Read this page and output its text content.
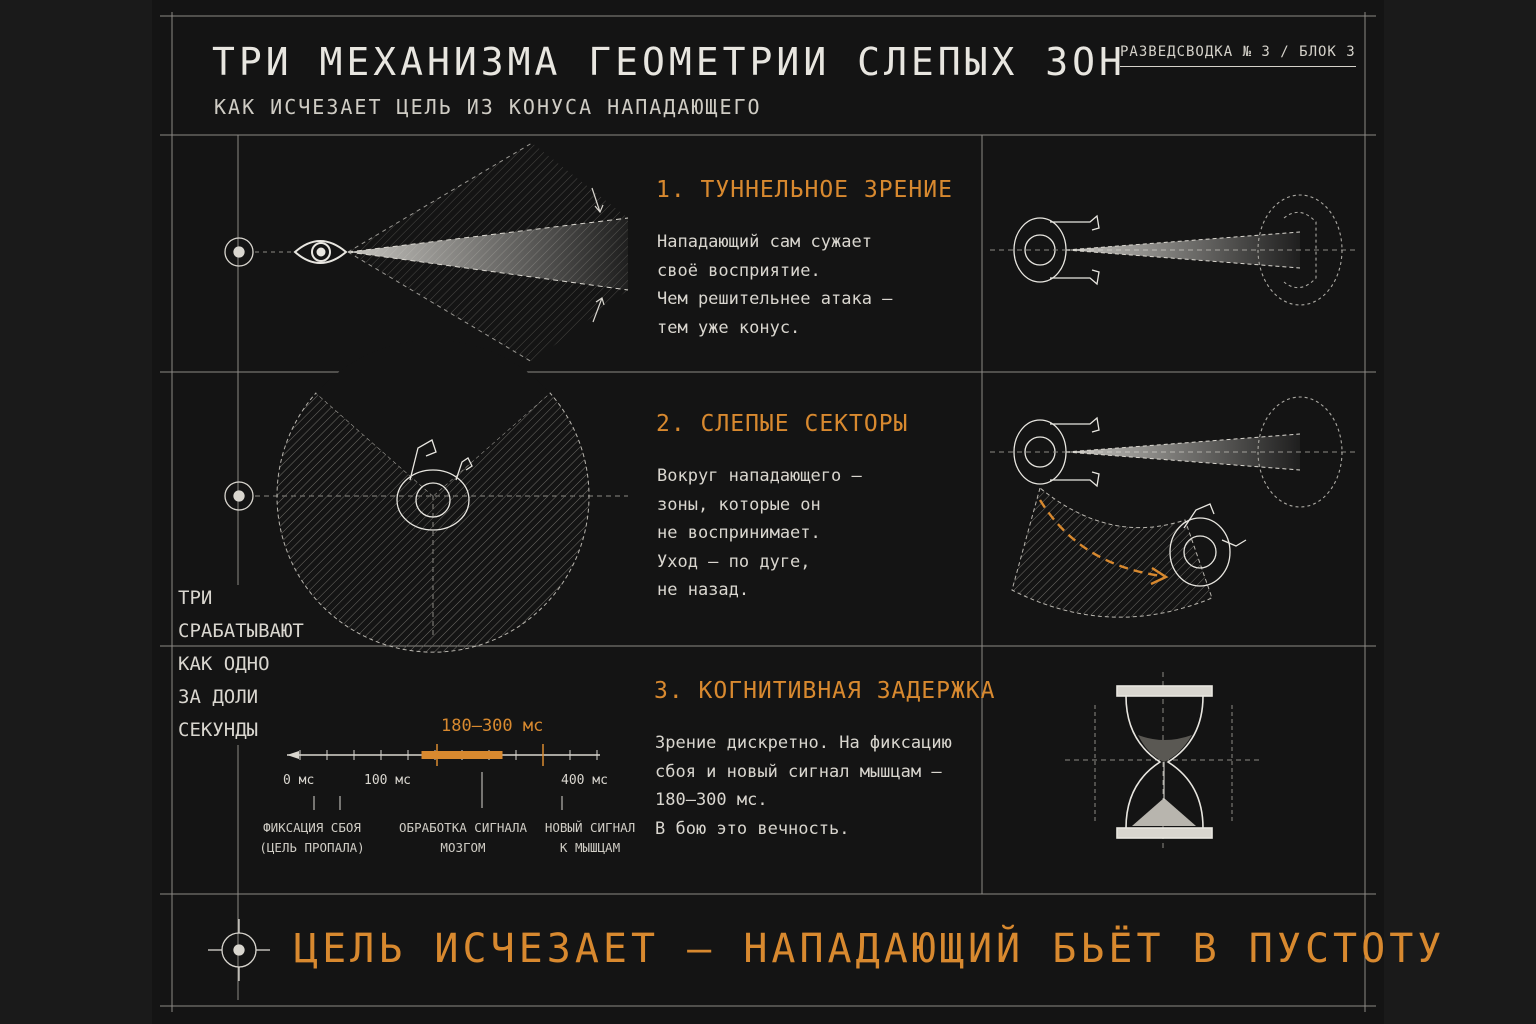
ТРИ МЕХАНИЗМА ГЕОМЕТРИИ СЛЕПЫХ ЗОН
КАК ИСЧЕЗАЕТ ЦЕЛЬ ИЗ КОНУСА НАПАДАЮЩЕГО
РАЗВЕДСВОДКА № 3 / БЛОК 3
1. ТУННЕЛЬНОЕ ЗРЕНИЕ
Нападающий сам сужает
своё восприятие.
Чем решительнее атака —
тем уже конус.
2. СЛЕПЫЕ СЕКТОРЫ
Вокруг нападающего —
зоны, которые он
не воспринимает.
Уход — по дуге,
не назад.
3. КОГНИТИВНАЯ ЗАДЕРЖКА
Зрение дискретно. На фиксацию
сбоя и новый сигнал мышцам —
180–300 мс.
В бою это вечность.
ТРИ
СРАБАТЫВАЮТ
КАК ОДНО
ЗА ДОЛИ
СЕКУНДЫ	180–300 мс
0 мс	100 мс	400 мс
ФИКСАЦИЯ СБОЯ
(ЦЕЛЬ ПРОПАЛА)
ОБРАБОТКА СИГНАЛА
МОЗГОМ
НОВЫЙ СИГНАЛ
К МЫШЦАМ
ЦЕЛЬ ИСЧЕЗАЕТ — НАПАДАЮЩИЙ БЬЁТ В ПУСТОТУ
